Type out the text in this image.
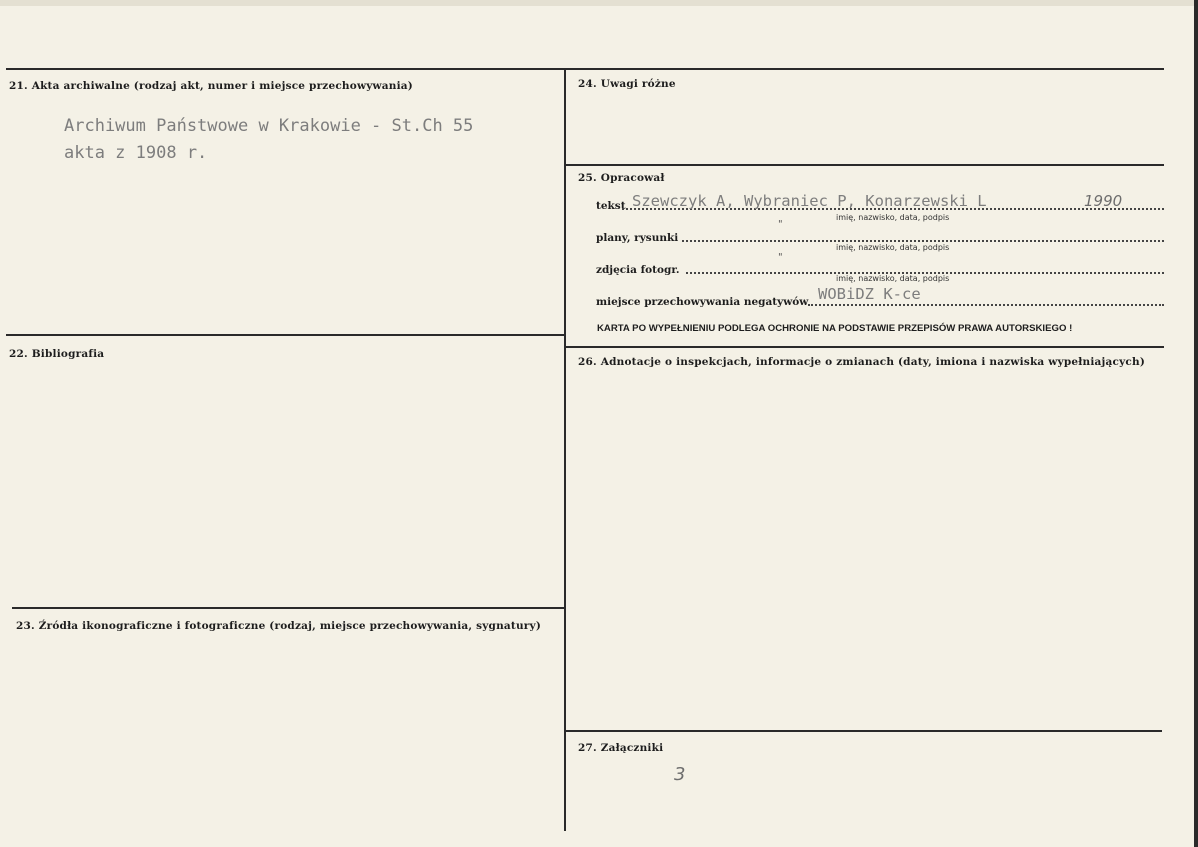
21. Akta archiwalne (rodzaj akt, numer i miejsce przechowywania)
22. Bibliografia
23. Źródła ikonograficzne i fotograficzne (rodzaj, miejsce przechowywania, sygnatury)
24. Uwagi różne
25. Opracował
26. Adnotacje o inspekcjach, informacje o zmianach (daty, imiona i nazwiska wypełniających)
27. Załączniki
Archiwum Państwowe w Krakowie - St.Ch 55
akta z 1908 r.
tekst Szewczyk A, Wybraniec P, Konarzewski L	1990
imię, nazwisko, data, podpis
"
plany, rysunki
imię, nazwisko, data, podpis
"
zdjęcia fotogr.
imię, nazwisko, data, podpis
miejsce przechowywania negatywów WOBiDZ K-ce
KARTA PO WYPEŁNIENIU PODLEGA OCHRONIE NA PODSTAWIE PRZEPISÓW PRAWA AUTORSKIEGO !
3
